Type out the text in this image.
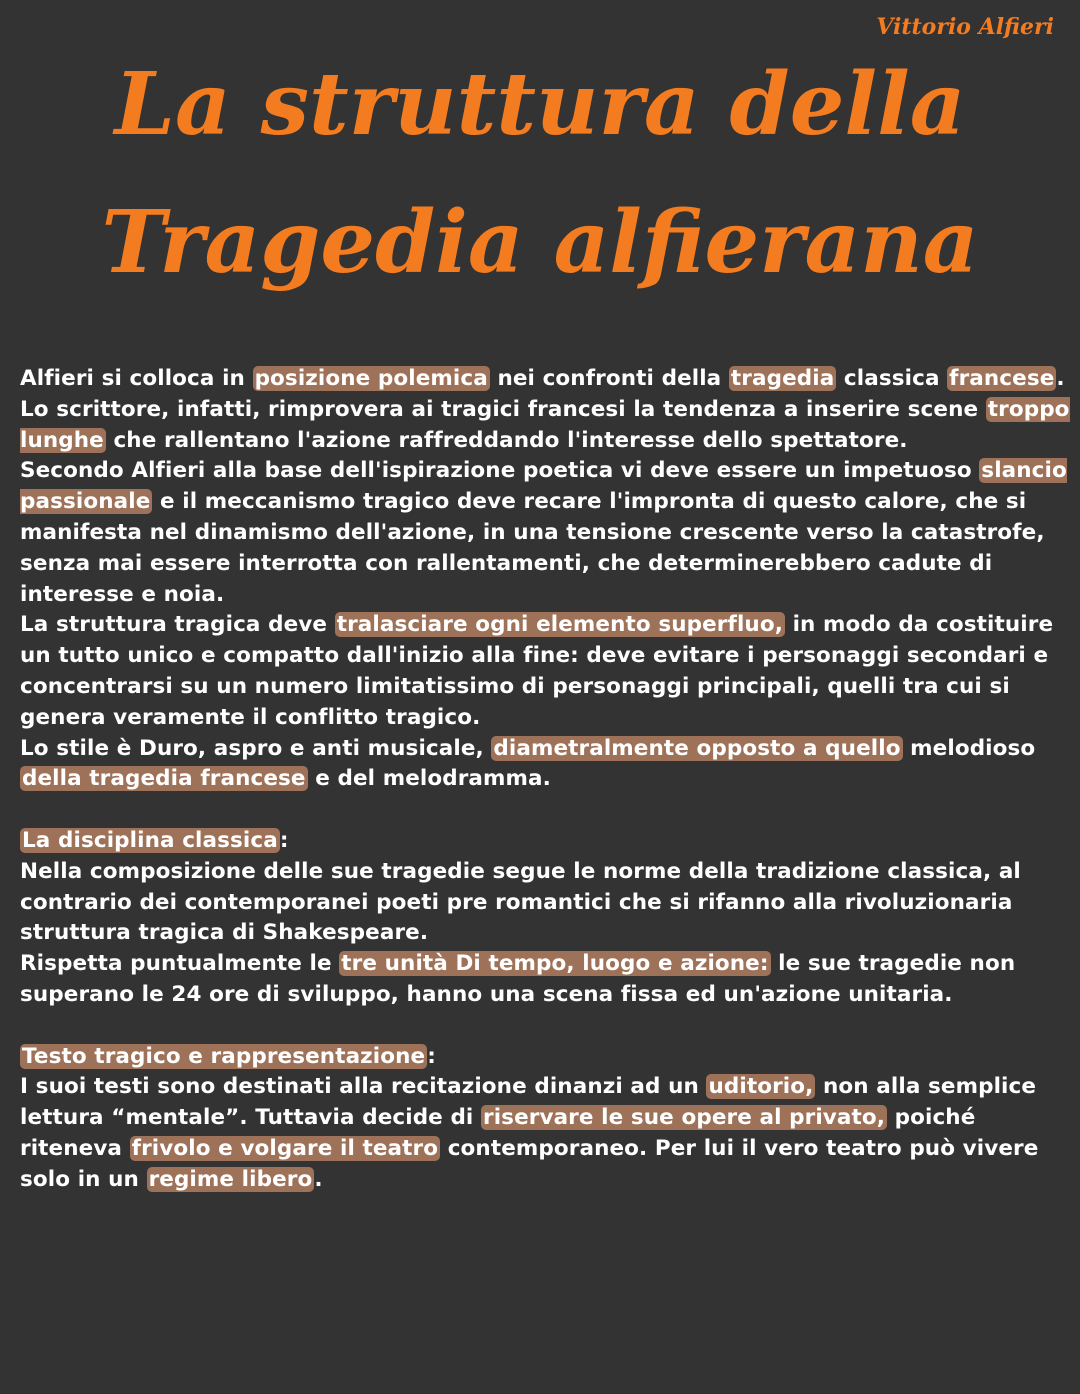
Vittorio Alfieri
La struttura della
Tragedia alfierana

Alfieri si colloca in posizione polemica nei confronti della tragedia classica francese.

Lo scrittore, infatti, rimprovera ai tragici francesi la tendenza a inserire scene troppo lunghe che rallentano l'azione raffreddando l'interesse dello spettatore.

Secondo Alfieri alla base dell'ispirazione poetica vi deve essere un impetuoso slancio passionale e il meccanismo tragico deve recare l'impronta di questo calore, che si manifesta nel dinamismo dell'azione, in una tensione crescente verso la catastrofe, senza mai essere interrotta con rallentamenti, che determinerebbero cadute di interesse e noia.

La struttura tragica deve tralasciare ogni elemento superfluo, in modo da costituire un tutto unico e compatto dall'inizio alla fine: deve evitare i personaggi secondari e concentrarsi su un numero limitatissimo di personaggi principali, quelli tra cui si genera veramente il conflitto tragico.

Lo stile è Duro, aspro e anti musicale, diametralmente opposto a quello melodioso della tragedia francese e del melodramma.

La disciplina classica:

Nella composizione delle sue tragedie segue le norme della tradizione classica, al contrario dei contemporanei poeti pre romantici che si rifanno alla rivoluzionaria struttura tragica di Shakespeare.

Rispetta puntualmente le tre unità Di tempo, luogo e azione: le sue tragedie non superano le 24 ore di sviluppo, hanno una scena fissa ed un'azione unitaria.

Testo tragico e rappresentazione:

I suoi testi sono destinati alla recitazione dinanzi ad un uditorio, non alla semplice lettura “mentale”. Tuttavia decide di riservare le sue opere al privato, poiché riteneva frivolo e volgare il teatro contemporaneo. Per lui il vero teatro può vivere solo in un regime libero.
